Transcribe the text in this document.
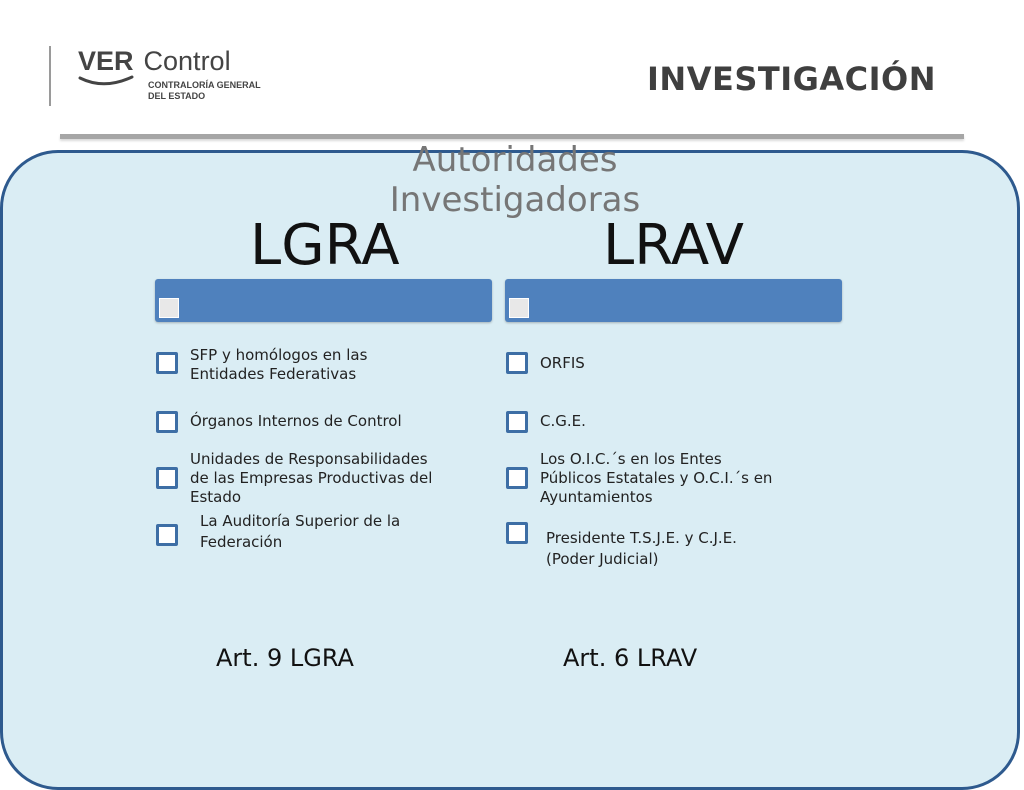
VER Control
CONTRALORÍA GENERAL
DEL ESTADO	INVESTIGACIÓN
Autoridades
Investigadoras
LGRA	LRAV
SFP y homólogos en las
Entidades Federativas
Órganos Internos de Control
Unidades de Responsabilidades
de las Empresas Productivas del
Estado
La Auditoría Superior de la
Federación
ORFIS
C.G.E.
Los O.I.C.´s en los Entes
Públicos Estatales y O.C.I.´s en
Ayuntamientos
Presidente T.S.J.E. y C.J.E.
(Poder Judicial)
Art. 9 LGRA	Art. 6 LRAV
